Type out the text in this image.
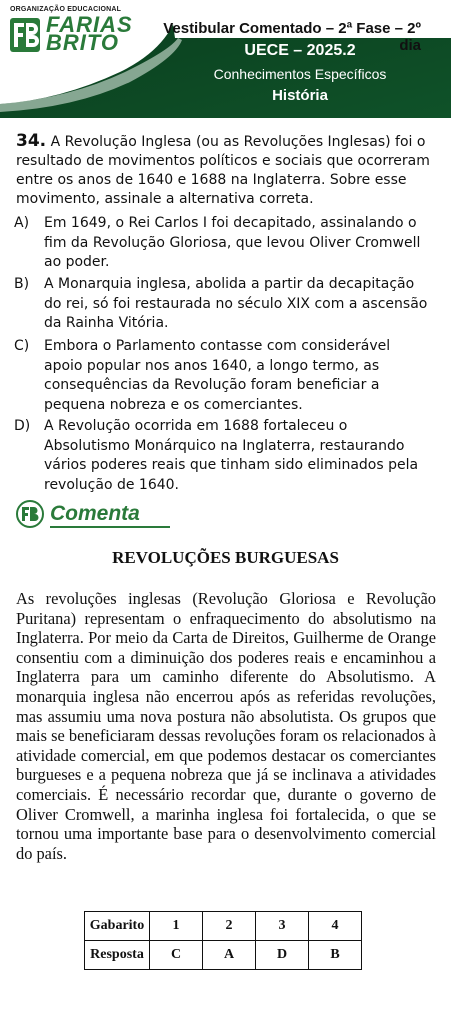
ORGANIZAÇÃO EDUCACIONAL
FARIAS
BRITO
Vestibular Comentado – 2ª Fase – 2º dia
UECE – 2025.2
Conhecimentos Específicos
História
34. A Revolução Inglesa (ou as Revoluções Inglesas) foi o resultado de movimentos políticos e sociais que ocorreram entre os anos de 1640 e 1688 na Inglaterra. Sobre esse movimento, assinale a alternativa correta.
A) Em 1649, o Rei Carlos I foi decapitado, assinalando o fim da Revolução Gloriosa, que levou Oliver Cromwell ao poder.
B) A Monarquia inglesa, abolida a partir da decapitação do rei, só foi restaurada no século XIX com a ascensão da Rainha Vitória.
C) Embora o Parlamento contasse com considerável apoio popular nos anos 1640, a longo termo, as consequências da Revolução foram beneficiar a pequena nobreza e os comerciantes.
D) A Revolução ocorrida em 1688 fortaleceu o Absolutismo Monárquico na Inglaterra, restaurando vários poderes reais que tinham sido eliminados pela revolução de 1640.
Comenta
REVOLUÇÕES BURGUESAS
As revoluções inglesas (Revolução Gloriosa e Revolução Puritana) representam o enfraquecimento do absolutismo na Inglaterra. Por meio da Carta de Direitos, Guilherme de Orange consentiu com a diminuição dos poderes reais e encaminhou a Inglaterra para um caminho diferente do Absolutismo. A monarquia inglesa não encerrou após as referidas revoluções, mas assumiu uma nova postura não absolutista. Os grupos que mais se beneficiaram dessas revoluções foram os relacionados à atividade comercial, em que podemos destacar os comerciantes burgueses e a pequena nobreza que já se inclinava a atividades comerciais. É necessário recordar que, durante o governo de Oliver Cromwell, a marinha inglesa foi fortalecida, o que se tornou uma importante base para o desenvolvimento comercial do país.
Gabarito	1	2	3	4
Resposta	C	A	D	B
